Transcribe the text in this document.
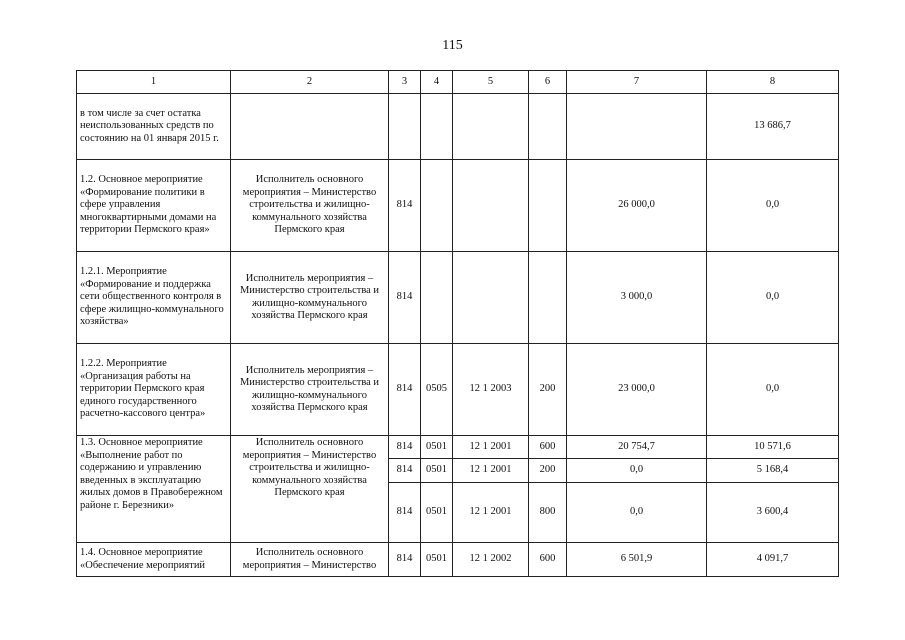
115
1	2	3	4	5	6	7	8
в том числе за счет остатка неиспользованных средств по состоянию на 01 января 2015 г.							13 686,7
1.2. Основное мероприятие «Формирование политики в сфере управления многоквартирными домами на территории Пермского края»	Исполнитель основного мероприятия – Министерство строительства и жилищно-коммунального хозяйства Пермского края	814				26 000,0	0,0
1.2.1. Мероприятие «Формирование и поддержка сети общественного контроля в сфере жилищно-коммунального хозяйства»	Исполнитель мероприятия – Министерство строительства и жилищно-коммунального хозяйства Пермского края	814				3 000,0	0,0
1.2.2. Мероприятие «Организация работы на территории Пермского края единого государственного расчетно-кассового центра»	Исполнитель мероприятия – Министерство строительства и жилищно-коммунального хозяйства Пермского края	814	0505	12 1 2003	200	23 000,0	0,0
1.3. Основное мероприятие «Выполнение работ по содержанию и управлению введенных в эксплуатацию жилых домов в Правобережном районе г. Березники»	Исполнитель основного мероприятия – Министерство строительства и жилищно-коммунального хозяйства Пермского края	814	0501	12 1 2001	600	20 754,7	10 571,6
		814	0501	12 1 2001	200	0,0	5 168,4
		814	0501	12 1 2001	800	0,0	3 600,4
1.4. Основное мероприятие «Обеспечение мероприятий	Исполнитель основного мероприятия – Министерство	814	0501	12 1 2002	600	6 501,9	4 091,7
